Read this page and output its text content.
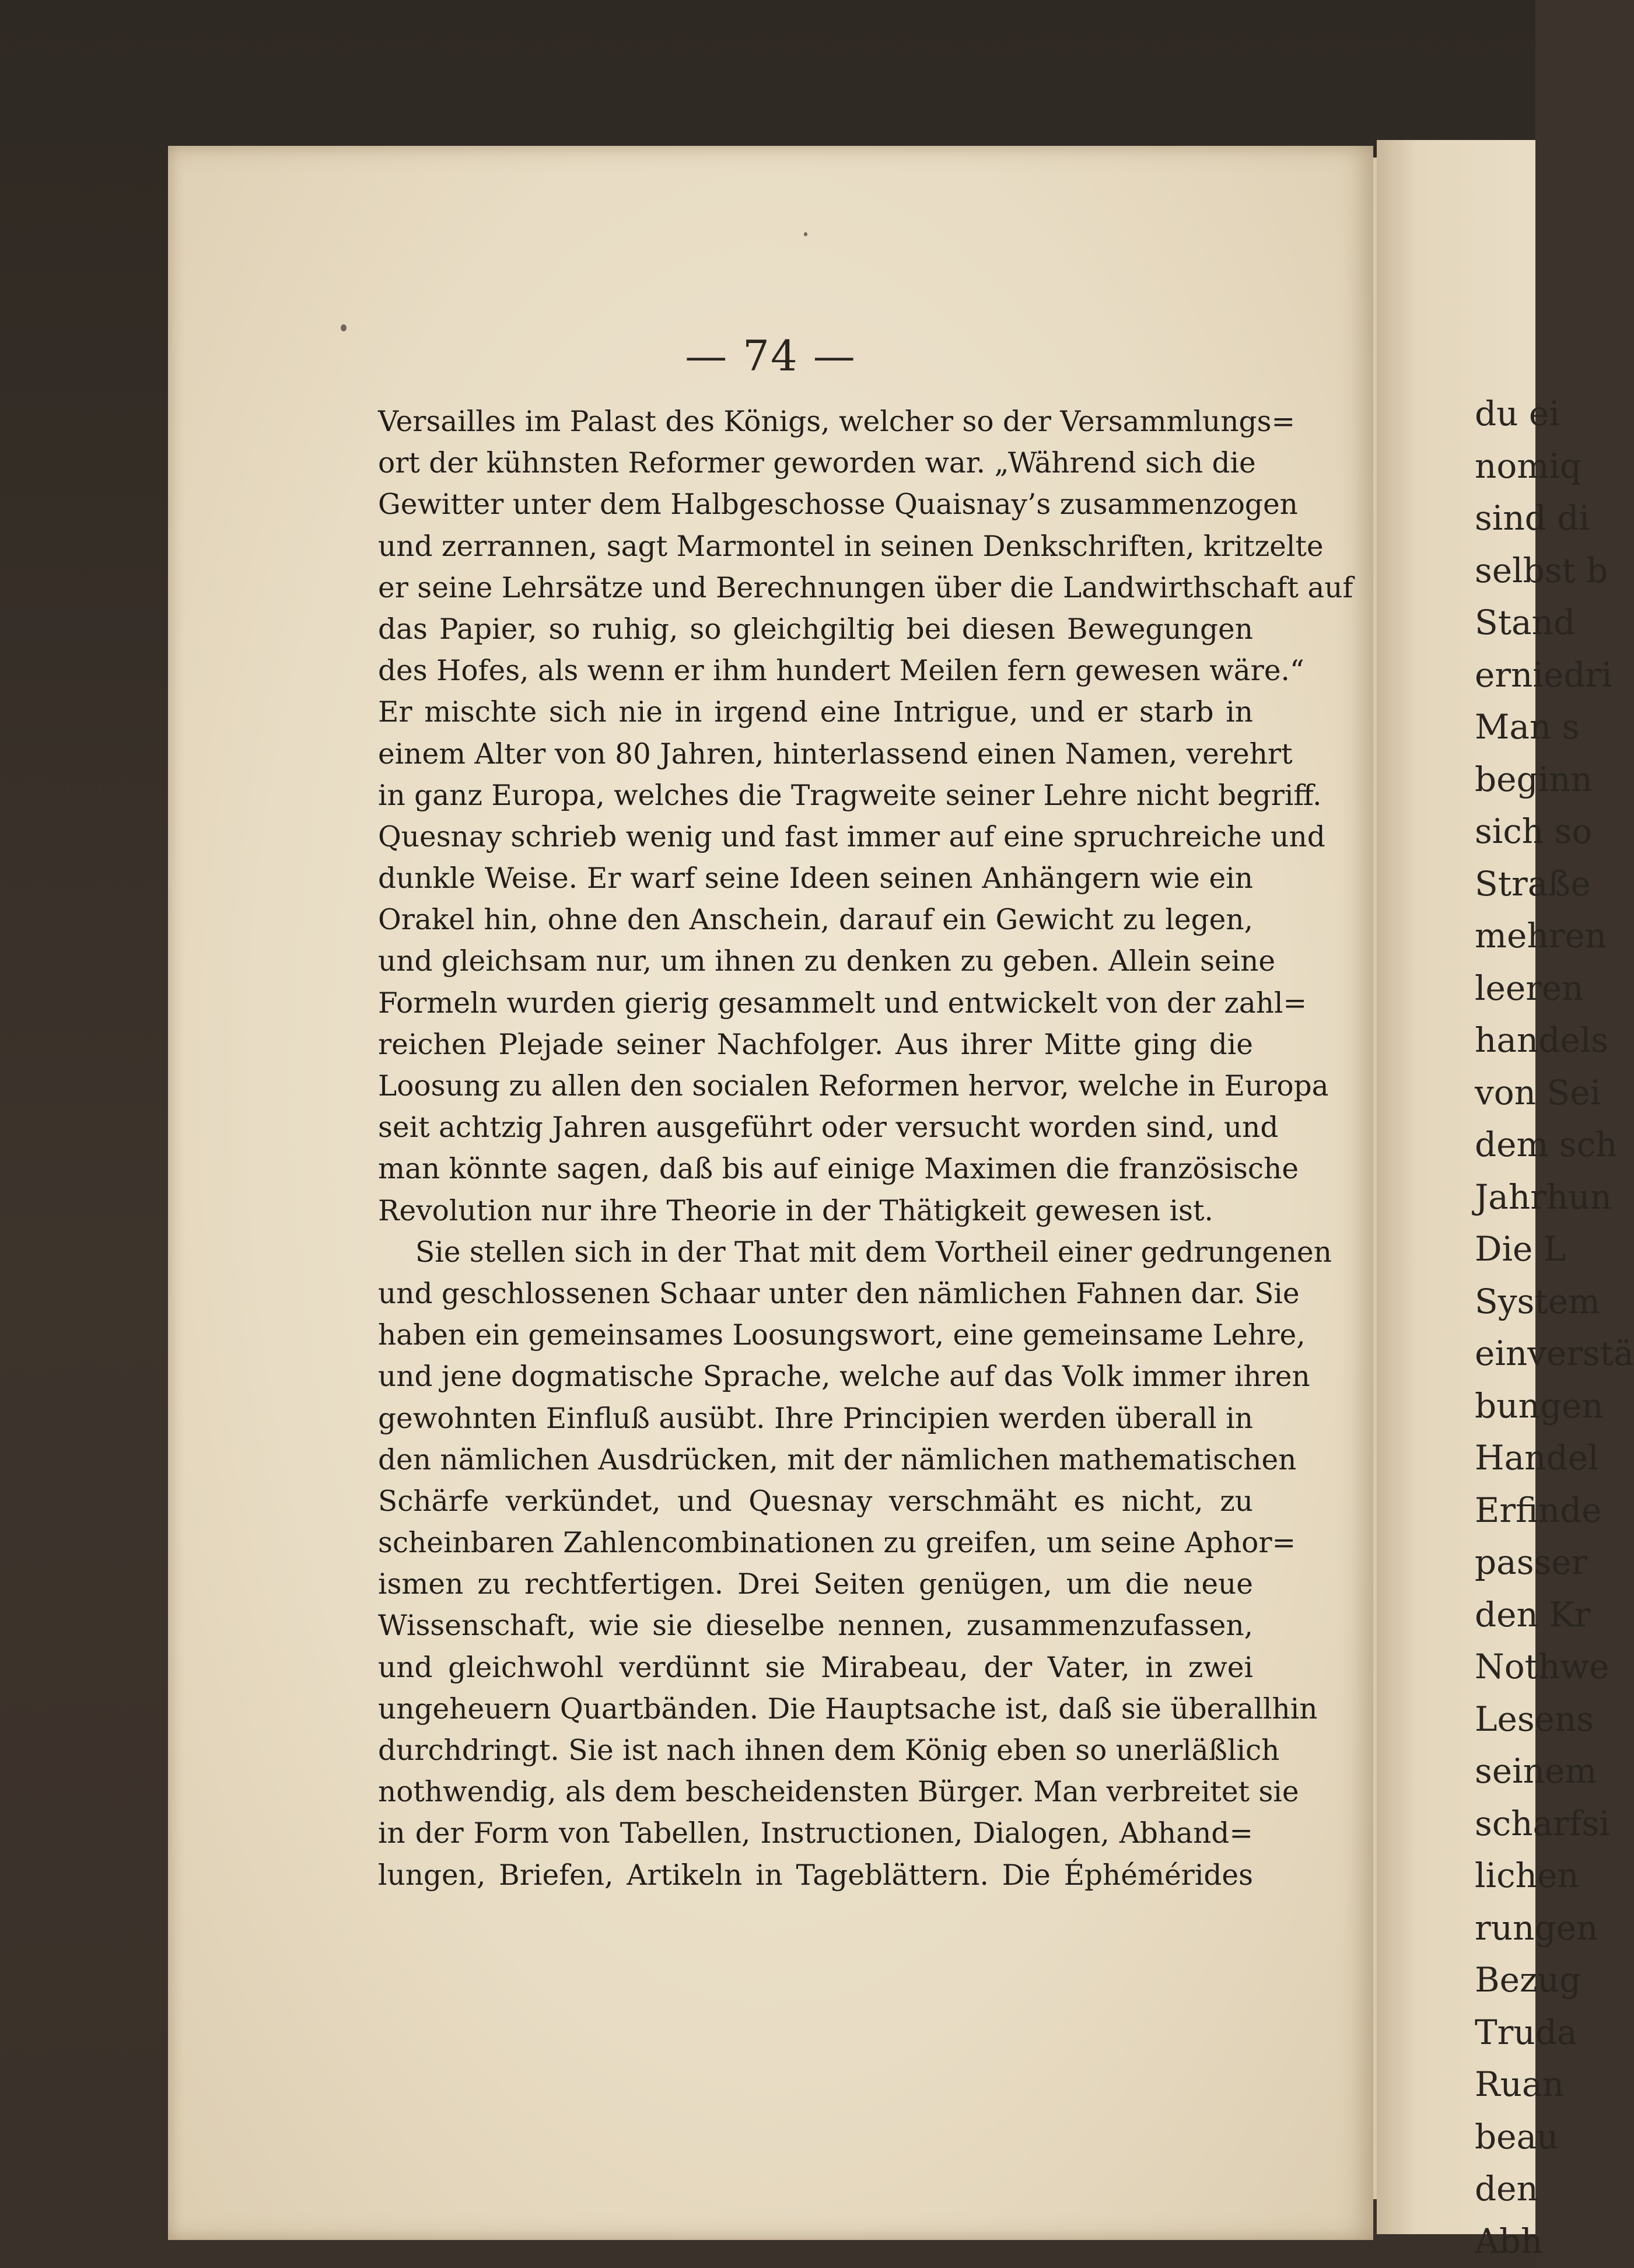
du ei
nomiq
sind di
selbst b
Stand
erniedri
Man s
beginn
sich so
Straße
mehren
leeren
handels
von Sei
dem sch
Jahrhun
Die L
System
einverstä
bungen
Handel
Erfinde
passer
den Kr
Nothwe
Lesens
seinem
scharfsi
lichen
rungen
Bezug
Truda
Ruan
beau
den
Abh
— 74 —
Versailles im Palast des Königs, welcher so der Versammlungs=
ort der kühnsten Reformer geworden war. „Während sich die
Gewitter unter dem Halbgeschosse Quaisnay’s zusammenzogen
und zerrannen, sagt Marmontel in seinen Denkschriften, kritzelte
er seine Lehrsätze und Berechnungen über die Landwirthschaft auf
das Papier, so ruhig, so gleichgiltig bei diesen Bewegungen
des Hofes, als wenn er ihm hundert Meilen fern gewesen wäre.“
Er mischte sich nie in irgend eine Intrigue, und er starb in
einem Alter von 80 Jahren, hinterlassend einen Namen, verehrt
in ganz Europa, welches die Tragweite seiner Lehre nicht begriff.
Quesnay schrieb wenig und fast immer auf eine spruchreiche und
dunkle Weise. Er warf seine Ideen seinen Anhängern wie ein
Orakel hin, ohne den Anschein, darauf ein Gewicht zu legen,
und gleichsam nur, um ihnen zu denken zu geben. Allein seine
Formeln wurden gierig gesammelt und entwickelt von der zahl=
reichen Plejade seiner Nachfolger. Aus ihrer Mitte ging die
Loosung zu allen den socialen Reformen hervor, welche in Europa
seit achtzig Jahren ausgeführt oder versucht worden sind, und
man könnte sagen, daß bis auf einige Maximen die französische
Revolution nur ihre Theorie in der Thätigkeit gewesen ist.
Sie stellen sich in der That mit dem Vortheil einer gedrungenen
und geschlossenen Schaar unter den nämlichen Fahnen dar. Sie
haben ein gemeinsames Loosungswort, eine gemeinsame Lehre,
und jene dogmatische Sprache, welche auf das Volk immer ihren
gewohnten Einfluß ausübt. Ihre Principien werden überall in
den nämlichen Ausdrücken, mit der nämlichen mathematischen
Schärfe verkündet, und Quesnay verschmäht es nicht, zu
scheinbaren Zahlencombinationen zu greifen, um seine Aphor=
ismen zu rechtfertigen. Drei Seiten genügen, um die neue
Wissenschaft, wie sie dieselbe nennen, zusammenzufassen,
und gleichwohl verdünnt sie Mirabeau, der Vater, in zwei
ungeheuern Quartbänden. Die Hauptsache ist, daß sie überallhin
durchdringt. Sie ist nach ihnen dem König eben so unerläßlich
nothwendig, als dem bescheidensten Bürger. Man verbreitet sie
in der Form von Tabellen, Instructionen, Dialogen, Abhand=
lungen, Briefen, Artikeln in Tageblättern. Die Éphémérides
